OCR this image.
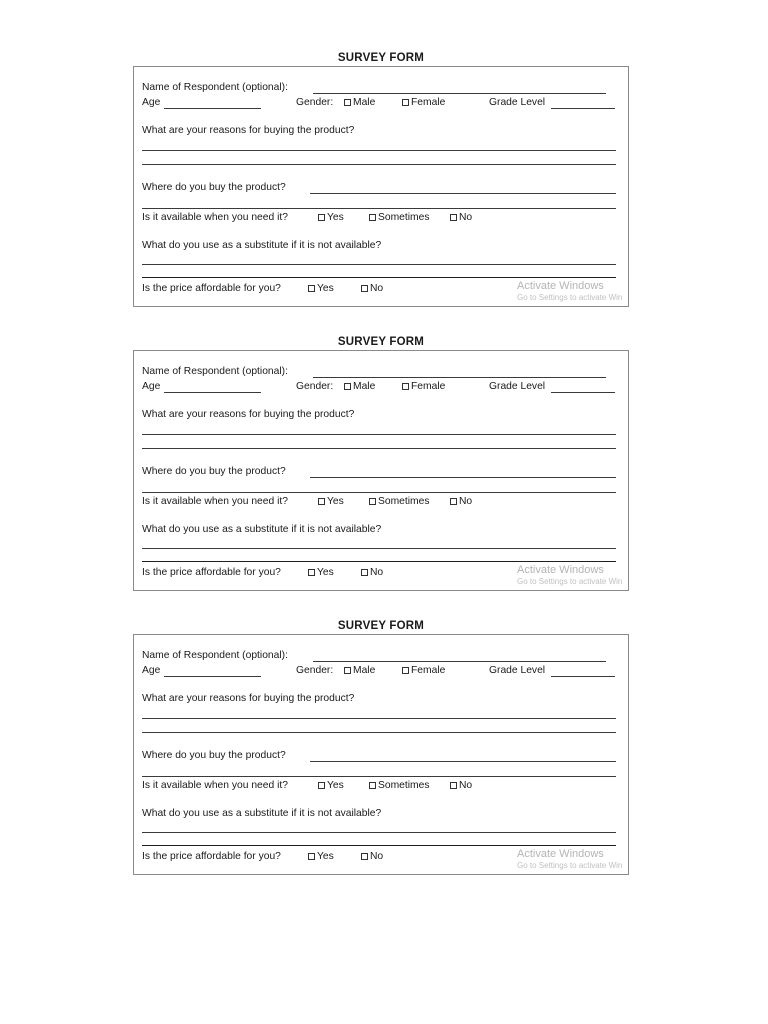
SURVEY FORM
Name of Respondent (optional):
Age	Gender:	Male	Female	Grade Level
What are your reasons for buying the product?
Where do you buy the product?
Is it available when you need it?	Yes	Sometimes	No
What do you use as a substitute if it is not available?
Is the price affordable for you?	Yes	No	Activate Windows
Go to Settings to activate Win
SURVEY FORM
Name of Respondent (optional):
Age	Gender:	Male	Female	Grade Level
What are your reasons for buying the product?
Where do you buy the product?
Is it available when you need it?	Yes	Sometimes	No
What do you use as a substitute if it is not available?
Is the price affordable for you?	Yes	No	Activate Windows
Go to Settings to activate Win
SURVEY FORM
Name of Respondent (optional):
Age	Gender:	Male	Female	Grade Level
What are your reasons for buying the product?
Where do you buy the product?
Is it available when you need it?	Yes	Sometimes	No
What do you use as a substitute if it is not available?
Is the price affordable for you?	Yes	No	Activate Windows
Go to Settings to activate Win
